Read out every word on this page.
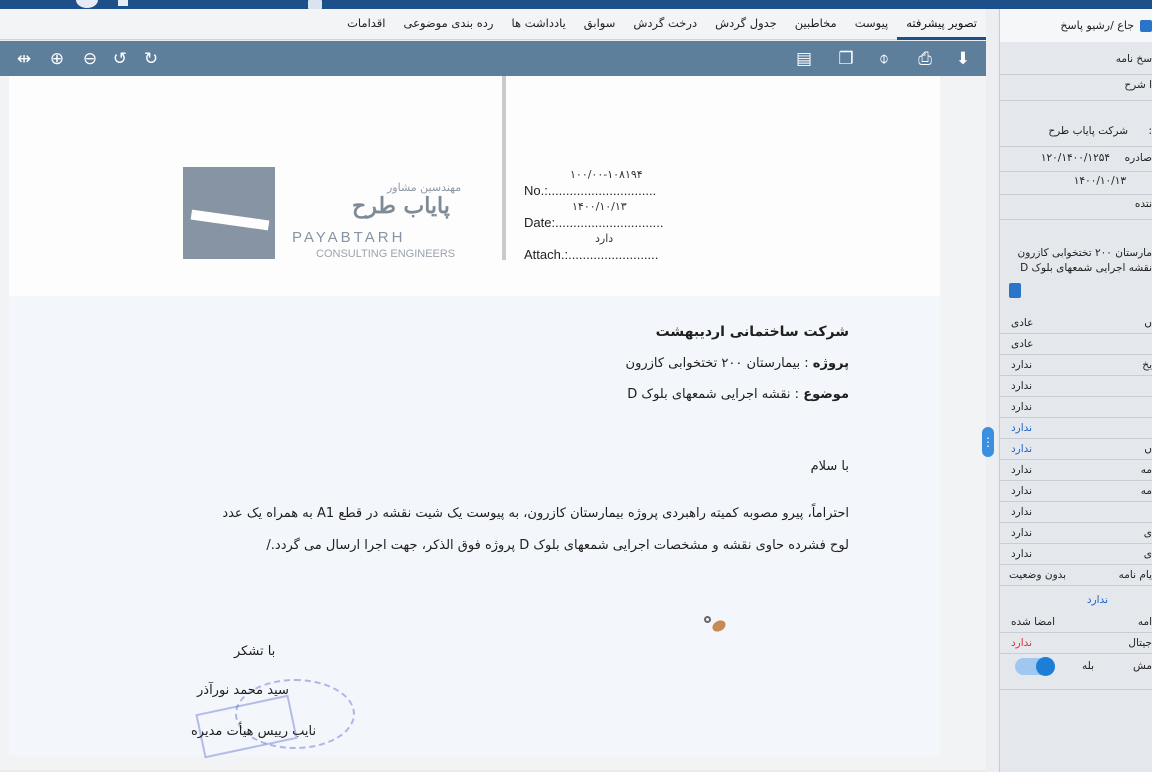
تصویر پیشرفته
پیوست
مخاطبین
جدول گردش
درخت گردش
سوابق
یادداشت ها
رده بندی موضوعی
اقدامات
⇹ ⊕ ⊖ ↺ ↻	▤ ❐ ⌽ ⎙ ⬇
مهندسین مشاور
پایاب طرح
PAYABTARH
CONSULTING ENGINEERS
۱۰۰/۰۰-۱۰۸۱۹۴
No.:..............................
۱۴۰۰/۱۰/۱۳
Date:..............................
دارد
Attach.:.........................
شرکت ساختمانی اردیبهشت
پروژه : بیمارستان ۲۰۰ تختخوابی کازرون
موضوع : نقشه اجرایی شمعهای بلوک D
با سلام
احتراماً، پیرو مصوبه کمیته راهبردی پروژه بیمارستان کازرون، به پیوست یک شیت نقشه در قطع A1 به همراه یک عدد
لوح فشرده حاوی نقشه و مشخصات اجرایی شمعهای بلوک D پروژه فوق الذکر، جهت اجرا ارسال می گردد./
با تشکر
سید محمد نورآذر
نایب رییس هیأت مدیره
⋮
جاع /رشیو پاسخ
سخ نامه
ا شرح
:
شرکت پایاب طرح
صادره
۱۲۰/۱۴۰۰/۱۲۵۴
۱۴۰۰/۱۰/۱۳
نتده
مارستان ۲۰۰ تختخوابی کازرون
نقشه اجرایی شمعهای بلوک D
ں
عادی
عادی
یخ
ندارد
ندارد
ندارد
ندارد
ں
ندارد
مه
ندارد
مه
ندارد
ندارد
ی
ندارد
ی
ندارد
یام نامه
بدون وضعیت
ندارد
امه
امضا شده
جیتال
ندارد
مش
بله
